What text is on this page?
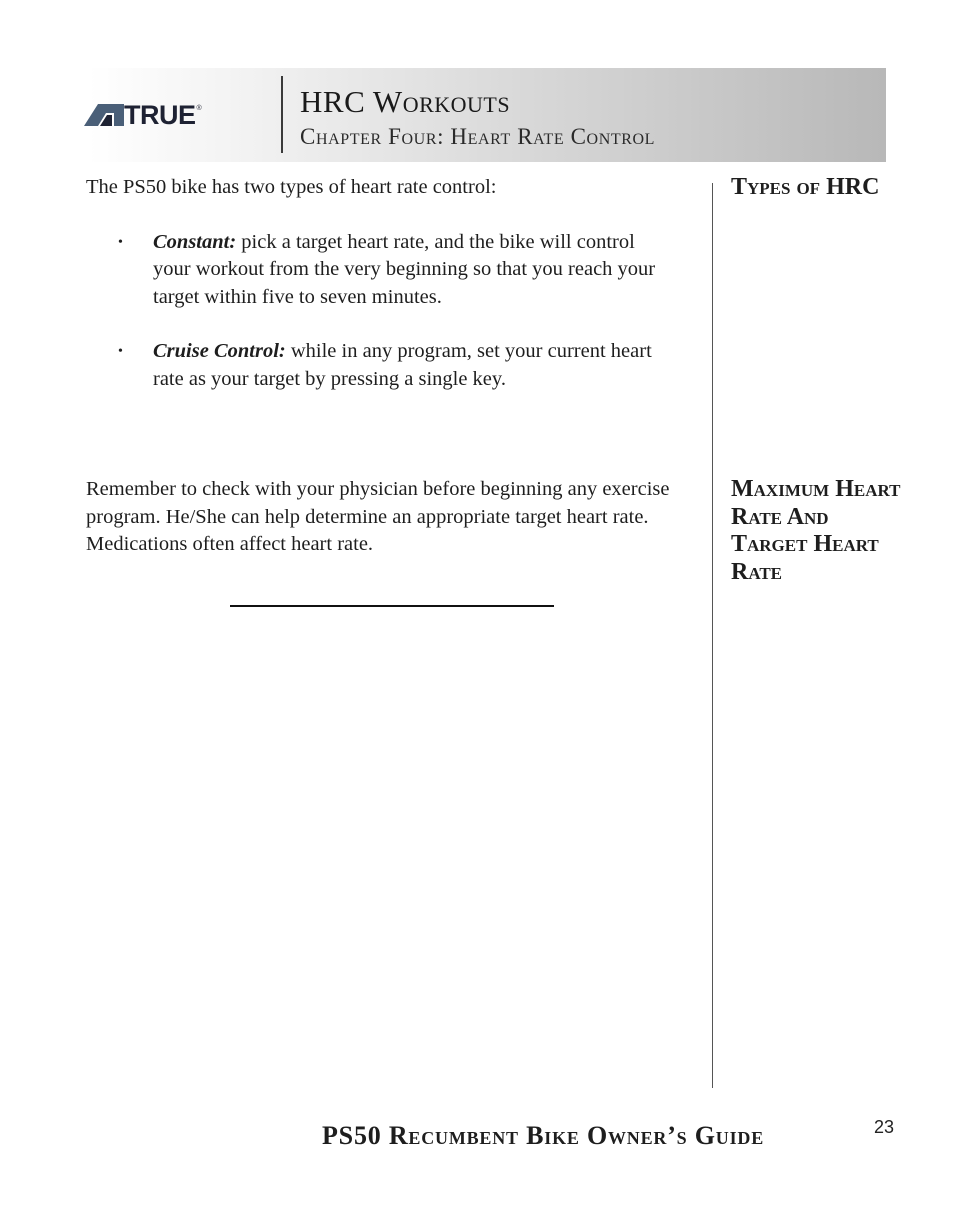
TRUE ®	HRC Workouts
Chapter Four: Heart Rate Control

The PS50 bike has two types of heart rate control:

• Constant: pick a target heart rate, and the bike will control your workout from the very beginning so that you reach your target within five to seven minutes.
• Cruise Control: while in any program, set your current heart rate as your target by pressing a single key.

Remember to check with your physician before beginning any exercise program. He/She can help determine an appropriate target heart rate. Medications often affect heart rate.

Types of HRC
Maximum Heart Rate And Target Heart Rate
PS50 Recumbent Bike Owner’s Guide	23
